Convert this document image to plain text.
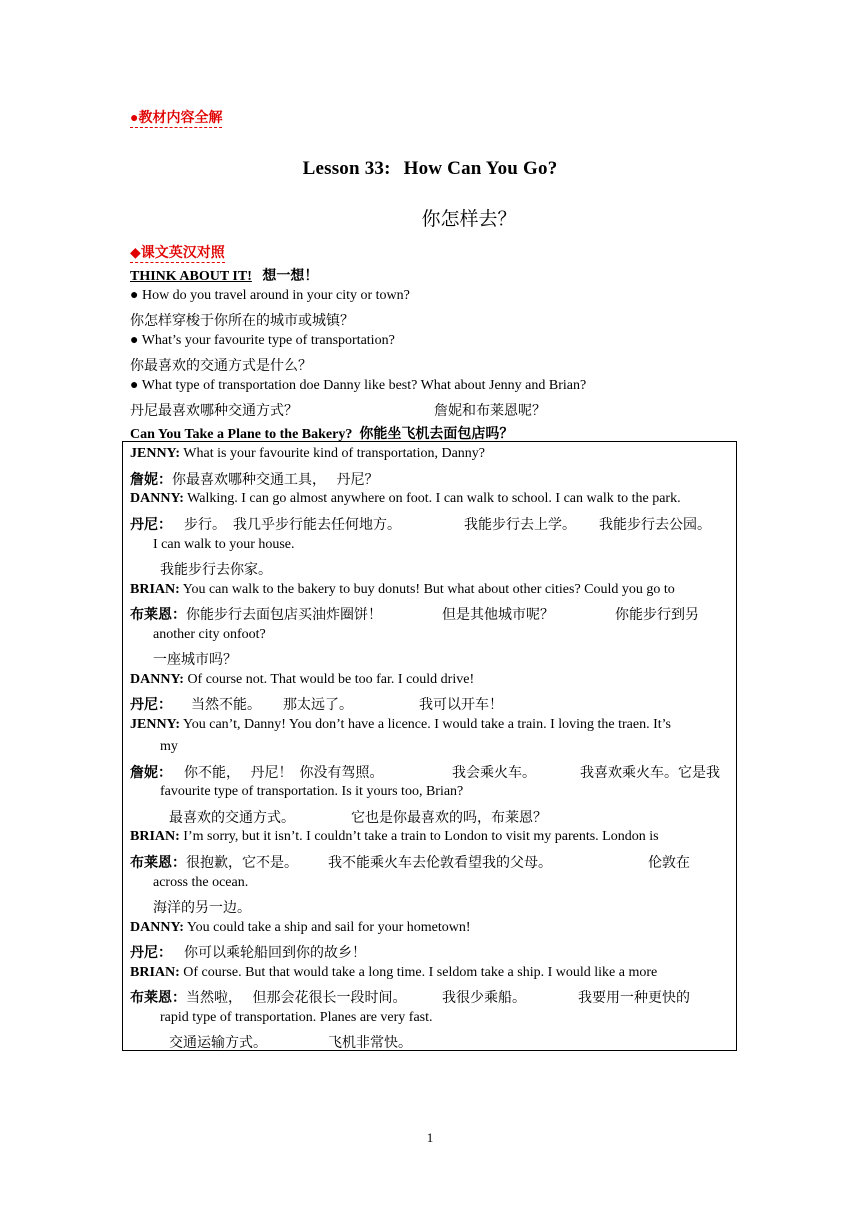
●教材内容全解
Lesson 33: How Can You Go?
你怎样去？
◆课文英汉对照
THINK ABOUT IT! 想一想！
● How do you travel around in your city or town?
你怎样穿梭于你所在的城市或城镇？
● What’s your favourite type of transportation?
你最喜欢的交通方式是什么？
● What type of transportation doe Danny like best? What about Jenny and Brian?
丹尼最喜欢哪种交通方式？	詹妮和布莱恩呢？
Can You Take a Plane to the Bakery?  你能坐飞机去面包店吗？
JENNY: What is your favourite kind of transportation, Danny?
詹妮：你最喜欢哪种交通工具，   丹尼？
DANNY: Walking. I can go almost anywhere on foot. I can walk to school. I can walk to the park.
丹尼： 步行。  我几乎步行能去任何地方。	我能步行去上学。 我能步行去公园。
I can walk to your house.
我能步行去你家。
BRIAN: You can walk to the bakery to buy donuts! But what about other cities? Could you go to
布莱恩：你能步行去面包店买油炸圈饼！	但是其他城市呢？	你能步行到另
another city onfoot?
一座城市吗？
DANNY: Of course not. That would be too far. I could drive!
丹尼： 当然不能。 那太远了。	我可以开车！
JENNY: You can’t, Danny! You don’t have a licence. I would take a train. I loving the traen. It’s
my
詹妮： 你不能，   丹尼！  你没有驾照。	我会乘火车。	我喜欢乘火车。它是我
favourite type of transportation. Is it yours too, Brian?
最喜欢的交通方式。	它也是你最喜欢的吗，布莱恩？
BRIAN: I’m sorry, but it isn’t. I couldn’t take a train to London to visit my parents. London is
布莱恩：很抱歉，它不是。 我不能乘火车去伦敦看望我的父母。	伦敦在
across the ocean.
海洋的另一边。
DANNY: You could take a ship and sail for your hometown!
丹尼： 你可以乘轮船回到你的故乡！
BRIAN: Of course. But that would take a long time. I seldom take a ship. I would like a more
布莱恩：当然啦，   但那会花很长一段时间。	我很少乘船。	我要用一种更快的
rapid type of transportation. Planes are very fast.
交通运输方式。	飞机非常快。
1
